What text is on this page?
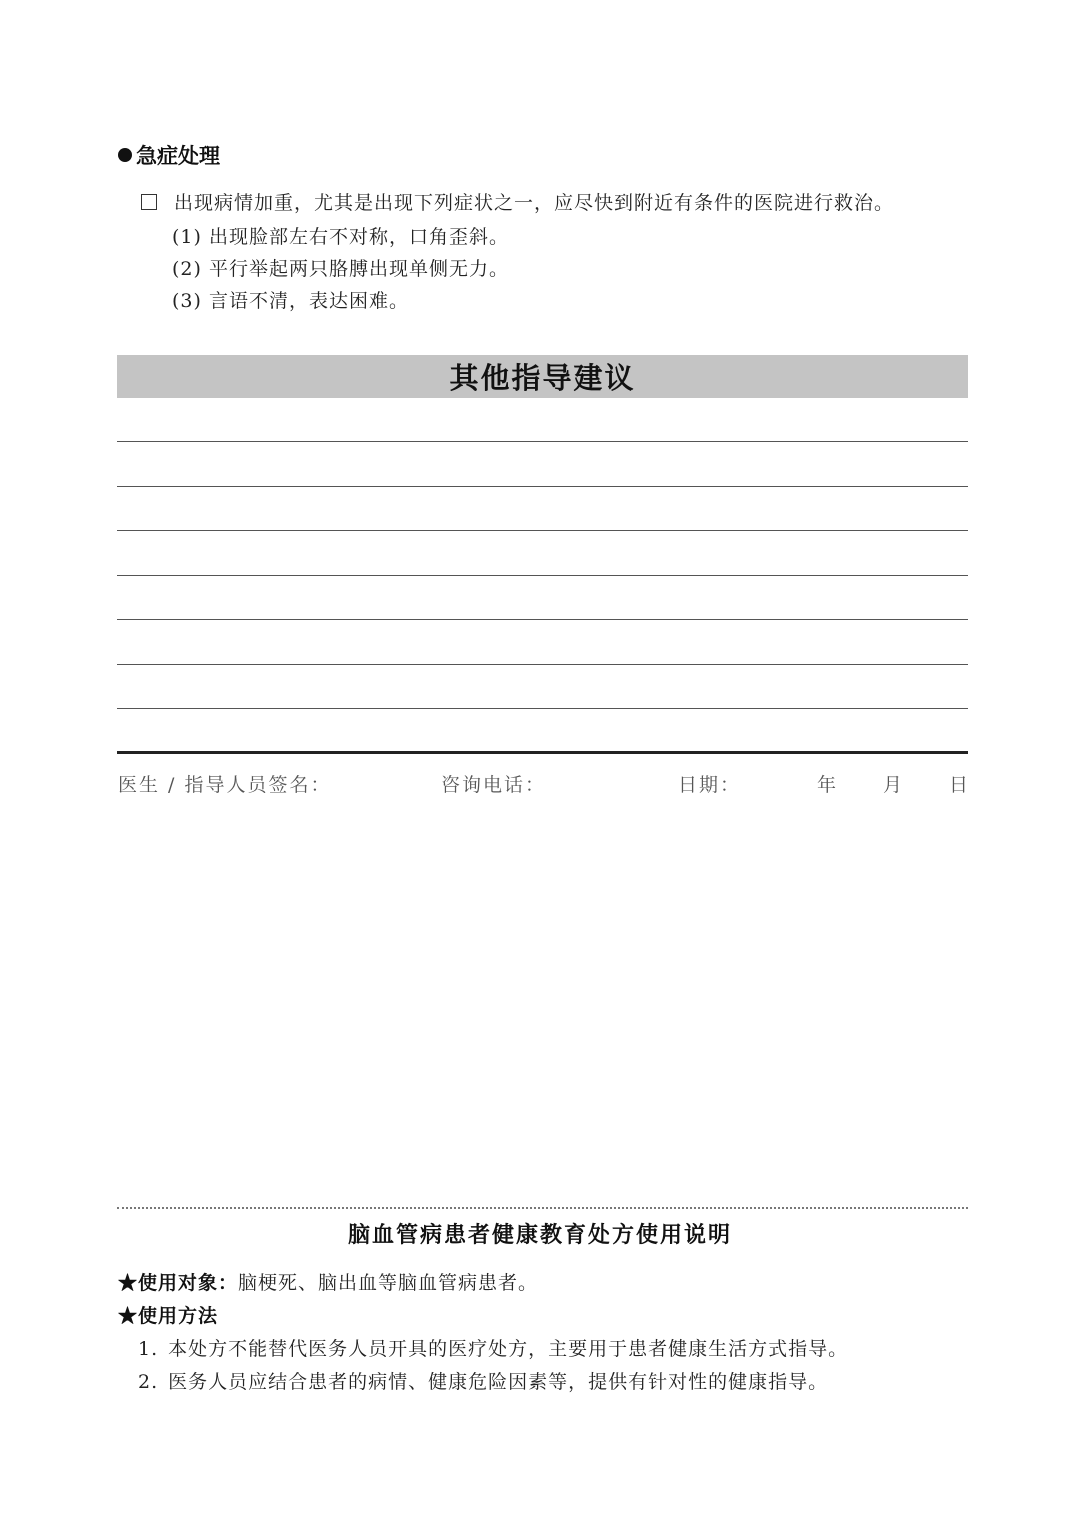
急症处理
出现病情加重，尤其是出现下列症状之一，应尽快到附近有条件的医院进行救治。
(1) 出现脸部左右不对称，口角歪斜。
(2) 平行举起两只胳膊出现单侧无力。
(3) 言语不清，表达困难。
其他指导建议
医生 / 指导人员签名：	咨询电话：	日期：	年 月 日
脑血管病患者健康教育处方使用说明
★使用对象：脑梗死、脑出血等脑血管病患者。
★使用方法
1. 本处方不能替代医务人员开具的医疗处方，主要用于患者健康生活方式指导。
2. 医务人员应结合患者的病情、健康危险因素等，提供有针对性的健康指导。
